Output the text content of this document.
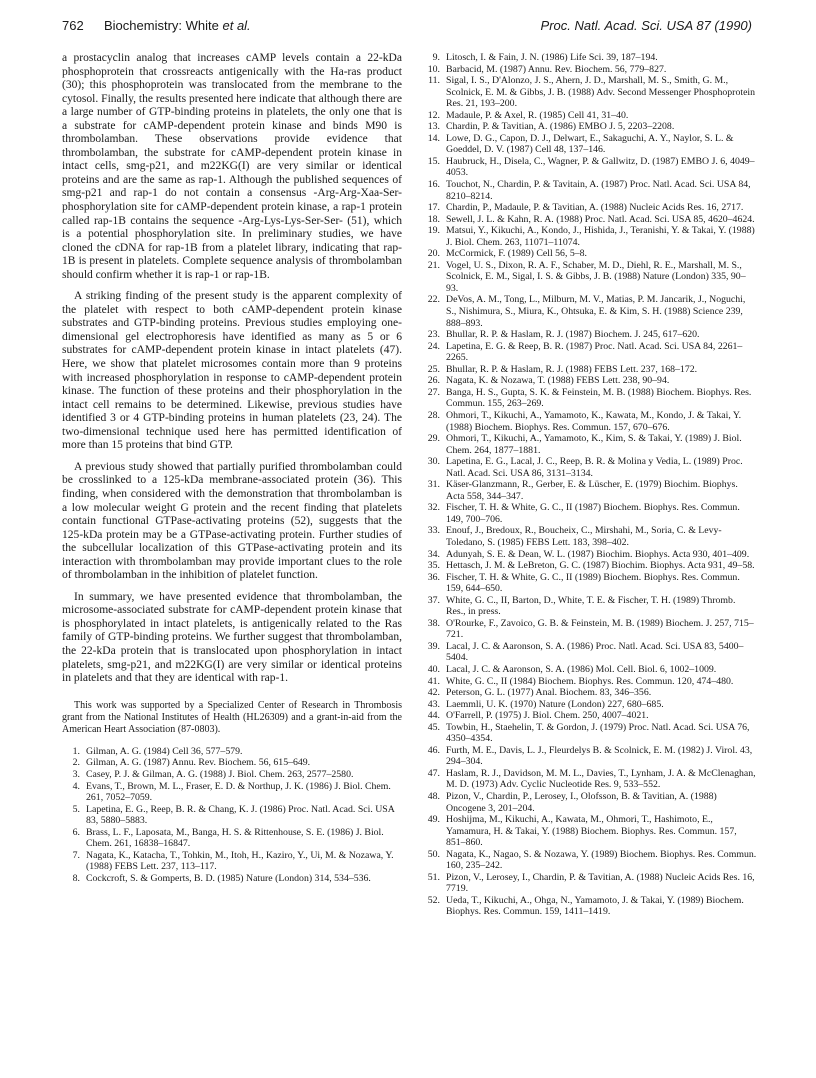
762 Biochemistry: White et al.	Proc. Natl. Acad. Sci. USA 87 (1990)

a prostacyclin analog that increases cAMP levels contain a 22-kDa phosphoprotein that crossreacts antigenically with the Ha-ras product (30); this phosphoprotein was translocated from the membrane to the cytosol. Finally, the results presented here indicate that although there are a large number of GTP-binding proteins in platelets, the only one that is a substrate for cAMP-dependent protein kinase and binds M90 is thrombolamban. These observations provide evidence that thrombolamban, the substrate for cAMP-dependent protein kinase in intact cells, smg-p21, and m22KG(I) are very similar or identical proteins and are the same as rap-1. Although the published sequences of smg-p21 and rap-1 do not contain a consensus -Arg-Arg-Xaa-Ser-phosphorylation site for cAMP-dependent protein kinase, a rap-1 protein called rap-1B contains the sequence -Arg-Lys-Lys-Ser-Ser- (51), which is a potential phosphorylation site. In preliminary studies, we have cloned the cDNA for rap-1B from a platelet library, indicating that rap-1B is present in platelets. Complete sequence analysis of thrombolamban should confirm whether it is rap-1 or rap-1B.

A striking finding of the present study is the apparent complexity of the platelet with respect to both cAMP-dependent protein kinase substrates and GTP-binding proteins. Previous studies employing one-dimensional gel electrophoresis have identified as many as 5 or 6 substrates for cAMP-dependent protein kinase in intact platelets (47). Here, we show that platelet microsomes contain more than 9 proteins with increased phosphorylation in response to cAMP-dependent protein kinase. The function of these proteins and their phosphorylation in the intact cell remains to be determined. Likewise, previous studies have identified 3 or 4 GTP-binding proteins in human platelets (23, 24). The two-dimensional technique used here has permitted identification of more than 15 proteins that bind GTP.

A previous study showed that partially purified thrombolamban could be crosslinked to a 125-kDa membrane-associated protein (36). This finding, when considered with the demonstration that thrombolamban is a low molecular weight G protein and the recent finding that platelets contain functional GTPase-activating proteins (52), suggests that the 125-kDa protein may be a GTPase-activating protein. Further studies of the subcellular localization of this GTPase-activating protein and its interaction with thrombolamban may provide important clues to the role of thrombolamban in the inhibition of platelet function.

In summary, we have presented evidence that thrombolamban, the microsome-associated substrate for cAMP-dependent protein kinase that is phosphorylated in intact platelets, is antigenically related to the Ras family of GTP-binding proteins. We further suggest that thrombolamban, the 22-kDa protein that is translocated upon phosphorylation in intact platelets, smg-p21, and m22KG(I) are very similar or identical proteins in platelets and that they are identical with rap-1.

This work was supported by a Specialized Center of Research in Thrombosis grant from the National Institutes of Health (HL26309) and a grant-in-aid from the American Heart Association (87-0803).

1. Gilman, A. G. (1984) Cell 36, 577–579.
2. Gilman, A. G. (1987) Annu. Rev. Biochem. 56, 615–649.
3. Casey, P. J. & Gilman, A. G. (1988) J. Biol. Chem. 263, 2577–2580.
4. Evans, T., Brown, M. L., Fraser, E. D. & Northup, J. K. (1986) J. Biol. Chem. 261, 7052–7059.
5. Lapetina, E. G., Reep, B. R. & Chang, K. J. (1986) Proc. Natl. Acad. Sci. USA 83, 5880–5883.
6. Brass, L. F., Laposata, M., Banga, H. S. & Rittenhouse, S. E. (1986) J. Biol. Chem. 261, 16838–16847.
7. Nagata, K., Katacha, T., Tohkin, M., Itoh, H., Kaziro, Y., Ui, M. & Nozawa, Y. (1988) FEBS Lett. 237, 113–117.
8. Cockcroft, S. & Gomperts, B. D. (1985) Nature (London) 314, 534–536.
9. Litosch, I. & Fain, J. N. (1986) Life Sci. 39, 187–194.
10. Barbacid, M. (1987) Annu. Rev. Biochem. 56, 779–827.
11. Sigal, I. S., D'Alonzo, J. S., Ahern, J. D., Marshall, M. S., Smith, G. M., Scolnick, E. M. & Gibbs, J. B. (1988) Adv. Second Messenger Phosphoprotein Res. 21, 193–200.
12. Madaule, P. & Axel, R. (1985) Cell 41, 31–40.
13. Chardin, P. & Tavitian, A. (1986) EMBO J. 5, 2203–2208.
14. Lowe, D. G., Capon, D. J., Delwart, E., Sakaguchi, A. Y., Naylor, S. L. & Goeddel, D. V. (1987) Cell 48, 137–146.
15. Haubruck, H., Disela, C., Wagner, P. & Gallwitz, D. (1987) EMBO J. 6, 4049–4053.
16. Touchot, N., Chardin, P. & Tavitain, A. (1987) Proc. Natl. Acad. Sci. USA 84, 8210–8214.
17. Chardin, P., Madaule, P. & Tavitian, A. (1988) Nucleic Acids Res. 16, 2717.
18. Sewell, J. L. & Kahn, R. A. (1988) Proc. Natl. Acad. Sci. USA 85, 4620–4624.
19. Matsui, Y., Kikuchi, A., Kondo, J., Hishida, J., Teranishi, Y. & Takai, Y. (1988) J. Biol. Chem. 263, 11071–11074.
20. McCormick, F. (1989) Cell 56, 5–8.
21. Vogel, U. S., Dixon, R. A. F., Schaber, M. D., Diehl, R. E., Marshall, M. S., Scolnick, E. M., Sigal, I. S. & Gibbs, J. B. (1988) Nature (London) 335, 90–93.
22. DeVos, A. M., Tong, L., Milburn, M. V., Matias, P. M. Jancarik, J., Noguchi, S., Nishimura, S., Miura, K., Ohtsuka, E. & Kim, S. H. (1988) Science 239, 888–893.
23. Bhullar, R. P. & Haslam, R. J. (1987) Biochem. J. 245, 617–620.
24. Lapetina, E. G. & Reep, B. R. (1987) Proc. Natl. Acad. Sci. USA 84, 2261–2265.
25. Bhullar, R. P. & Haslam, R. J. (1988) FEBS Lett. 237, 168–172.
26. Nagata, K. & Nozawa, T. (1988) FEBS Lett. 238, 90–94.
27. Banga, H. S., Gupta, S. K. & Feinstein, M. B. (1988) Biochem. Biophys. Res. Commun. 155, 263–269.
28. Ohmori, T., Kikuchi, A., Yamamoto, K., Kawata, M., Kondo, J. & Takai, Y. (1988) Biochem. Biophys. Res. Commun. 157, 670–676.
29. Ohmori, T., Kikuchi, A., Yamamoto, K., Kim, S. & Takai, Y. (1989) J. Biol. Chem. 264, 1877–1881.
30. Lapetina, E. G., Lacal, J. C., Reep, B. R. & Molina y Vedia, L. (1989) Proc. Natl. Acad. Sci. USA 86, 3131–3134.
31. Käser-Glanzmann, R., Gerber, E. & Lüscher, E. (1979) Biochim. Biophys. Acta 558, 344–347.
32. Fischer, T. H. & White, G. C., II (1987) Biochem. Biophys. Res. Commun. 149, 700–706.
33. Enouf, J., Bredoux, R., Boucheix, C., Mirshahi, M., Soria, C. & Levy-Toledano, S. (1985) FEBS Lett. 183, 398–402.
34. Adunyah, S. E. & Dean, W. L. (1987) Biochim. Biophys. Acta 930, 401–409.
35. Hettasch, J. M. & LeBreton, G. C. (1987) Biochim. Biophys. Acta 931, 49–58.
36. Fischer, T. H. & White, G. C., II (1989) Biochem. Biophys. Res. Commun. 159, 644–650.
37. White, G. C., II, Barton, D., White, T. E. & Fischer, T. H. (1989) Thromb. Res., in press.
38. O'Rourke, F., Zavoico, G. B. & Feinstein, M. B. (1989) Biochem. J. 257, 715–721.
39. Lacal, J. C. & Aaronson, S. A. (1986) Proc. Natl. Acad. Sci. USA 83, 5400–5404.
40. Lacal, J. C. & Aaronson, S. A. (1986) Mol. Cell. Biol. 6, 1002–1009.
41. White, G. C., II (1984) Biochem. Biophys. Res. Commun. 120, 474–480.
42. Peterson, G. L. (1977) Anal. Biochem. 83, 346–356.
43. Laemmli, U. K. (1970) Nature (London) 227, 680–685.
44. O'Farrell, P. (1975) J. Biol. Chem. 250, 4007–4021.
45. Towbin, H., Staehelin, T. & Gordon, J. (1979) Proc. Natl. Acad. Sci. USA 76, 4350–4354.
46. Furth, M. E., Davis, L. J., Fleurdelys B. & Scolnick, E. M. (1982) J. Virol. 43, 294–304.
47. Haslam, R. J., Davidson, M. M. L., Davies, T., Lynham, J. A. & McClenaghan, M. D. (1973) Adv. Cyclic Nucleotide Res. 9, 533–552.
48. Pizon, V., Chardin, P., Lerosey, I., Olofsson, B. & Tavitian, A. (1988) Oncogene 3, 201–204.
49. Hoshijma, M., Kikuchi, A., Kawata, M., Ohmori, T., Hashimoto, E., Yamamura, H. & Takai, Y. (1988) Biochem. Biophys. Res. Commun. 157, 851–860.
50. Nagata, K., Nagao, S. & Nozawa, Y. (1989) Biochem. Biophys. Res. Commun. 160, 235–242.
51. Pizon, V., Lerosey, I., Chardin, P. & Tavitian, A. (1988) Nucleic Acids Res. 16, 7719.
52. Ueda, T., Kikuchi, A., Ohga, N., Yamamoto, J. & Takai, Y. (1989) Biochem. Biophys. Res. Commun. 159, 1411–1419.
